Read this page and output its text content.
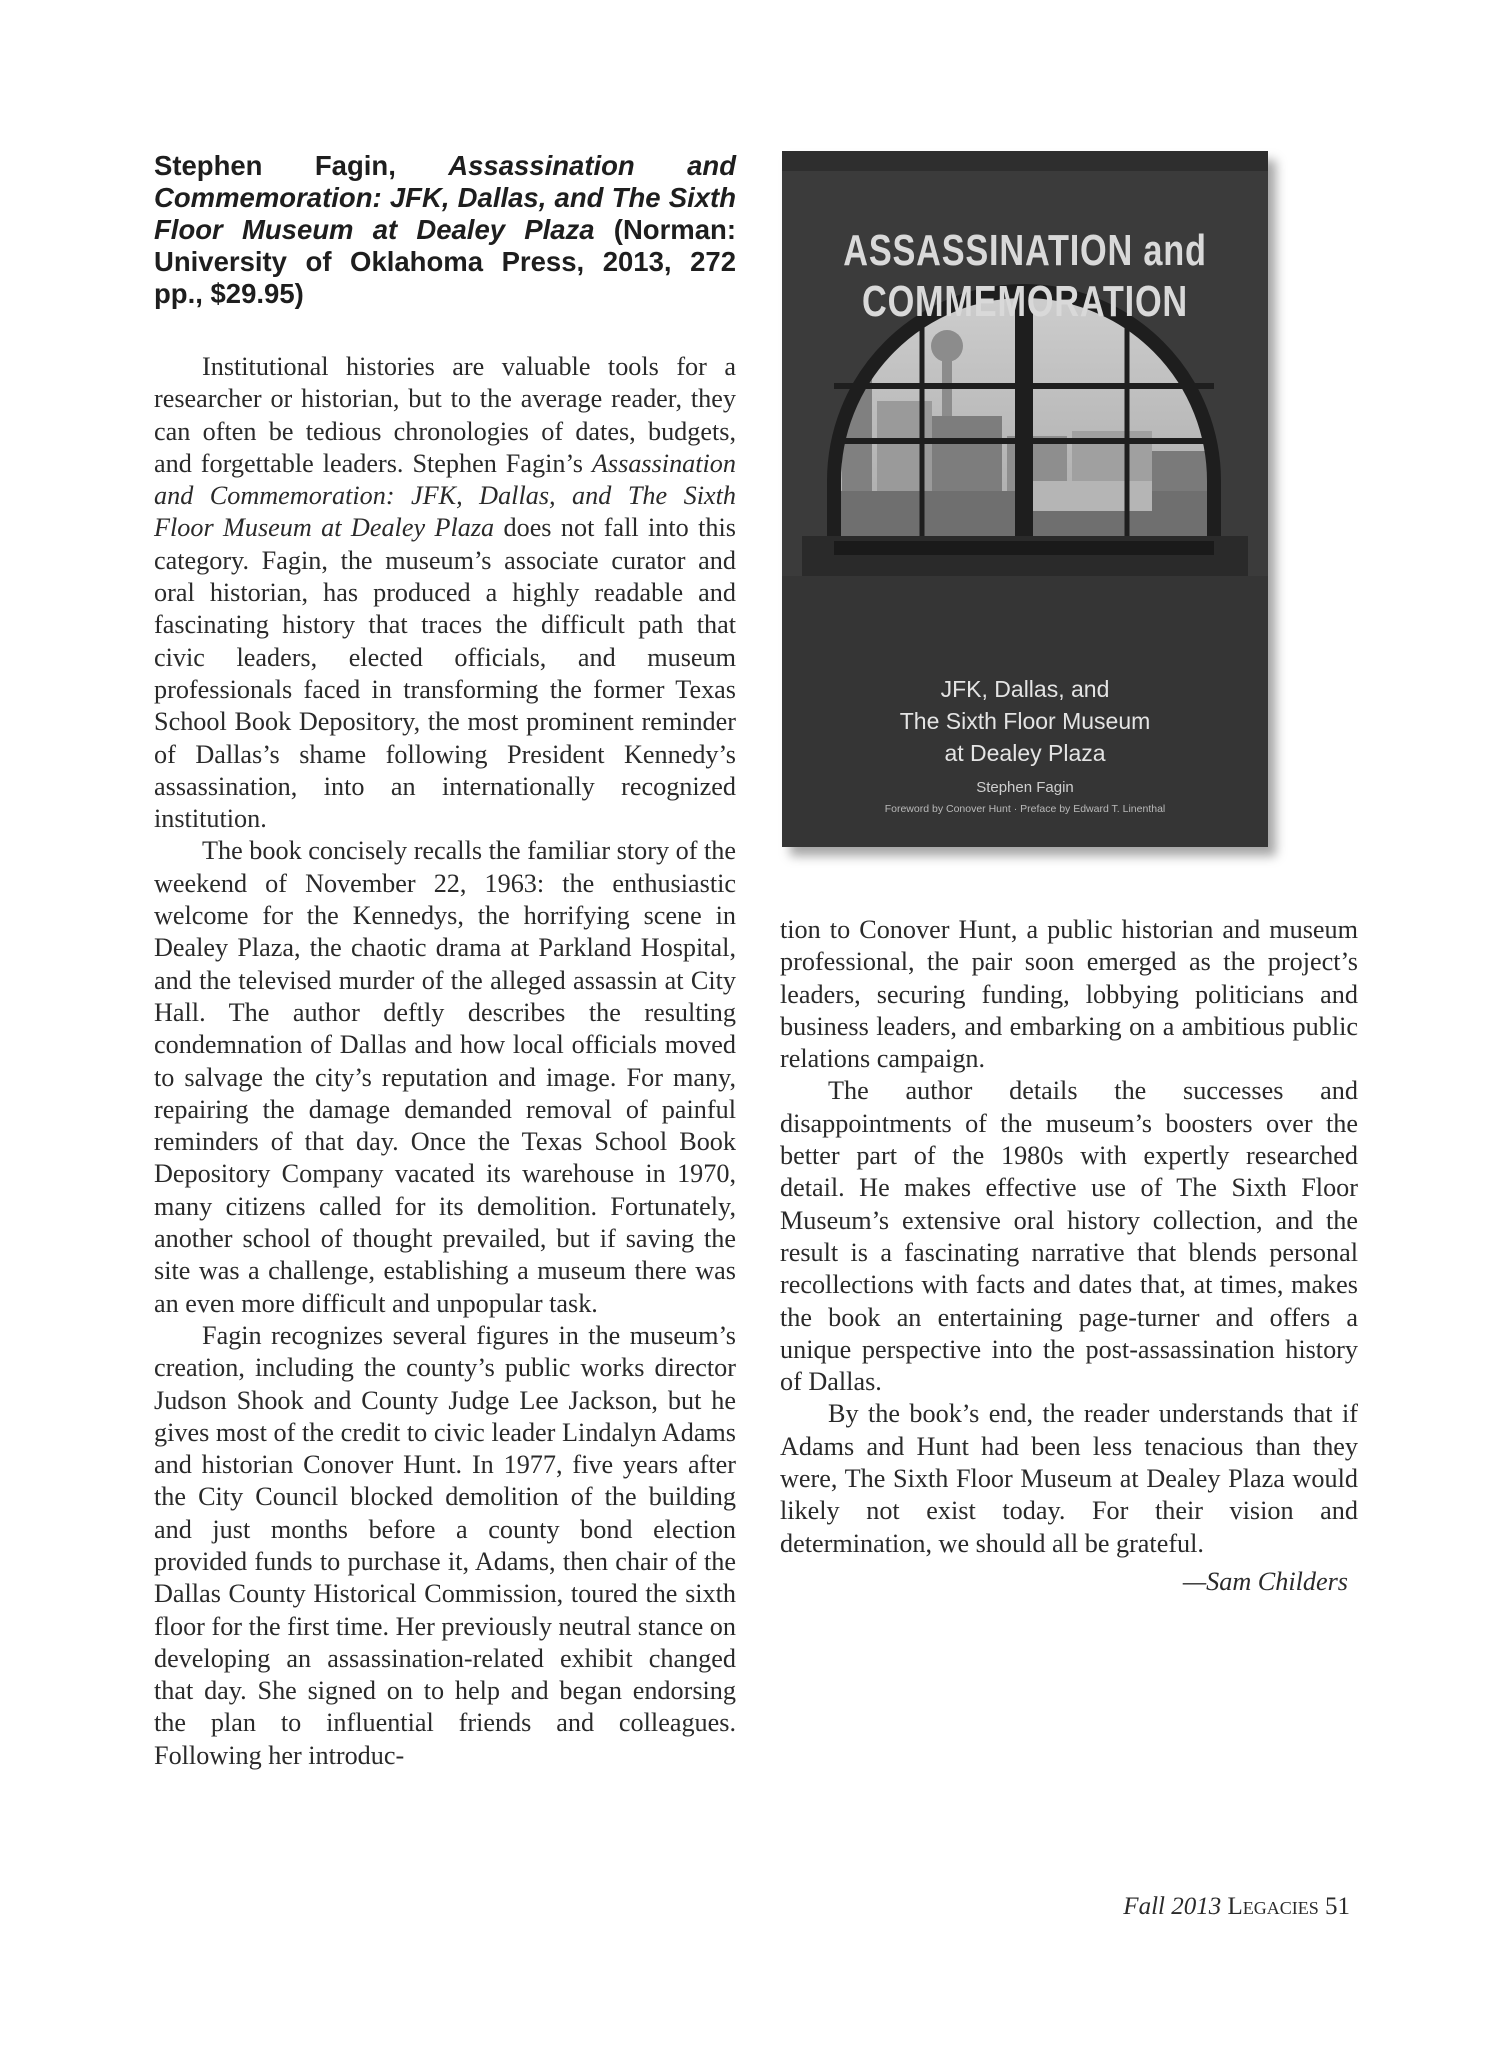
Stephen Fagin, Assassination and Commemoration: JFK, Dallas, and The Sixth Floor Museum at Dealey Plaza (Norman: University of Oklahoma Press, 2013, 272 pp., $29.95)

Institutional histories are valuable tools for a researcher or historian, but to the average reader, they can often be tedious chronologies of dates, budgets, and forgettable leaders. Stephen Fagin’s Assassination and Commemoration: JFK, Dallas, and The Sixth Floor Museum at Dealey Plaza does not fall into this category. Fagin, the museum’s associate curator and oral historian, has produced a highly readable and fascinating history that traces the difficult path that civic leaders, elected officials, and museum professionals faced in transforming the former Texas School Book Depository, the most prominent reminder of Dallas’s shame following President Kennedy’s assassination, into an internationally recognized institution.

The book concisely recalls the familiar story of the weekend of November 22, 1963: the enthusiastic welcome for the Kennedys, the horrifying scene in Dealey Plaza, the chaotic drama at Parkland Hospital, and the televised murder of the alleged assassin at City Hall. The author deftly describes the resulting condemnation of Dallas and how local officials moved to salvage the city’s reputation and image. For many, repairing the damage demanded removal of painful reminders of that day. Once the Texas School Book Depository Company vacated its warehouse in 1970, many citizens called for its demolition. Fortunately, another school of thought prevailed, but if saving the site was a challenge, establishing a museum there was an even more difficult and unpopular task.

Fagin recognizes several figures in the museum’s creation, including the county’s public works director Judson Shook and County Judge Lee Jackson, but he gives most of the credit to civic leader Lindalyn Adams and historian Conover Hunt. In 1977, five years after the City Council blocked demolition of the building and just months before a county bond election provided funds to purchase it, Adams, then chair of the Dallas County Historical Commission, toured the sixth floor for the first time. Her previously neutral stance on developing an assassination-related exhibit changed that day. She signed on to help and began endorsing the plan to influential friends and colleagues. Following her introduc-

ASSASSINATION and
COMMEMORATION
JFK, Dallas, and
The Sixth Floor Museum
at Dealey Plaza
Stephen Fagin
Foreword by Conover Hunt · Preface by Edward T. Linenthal

tion to Conover Hunt, a public historian and museum professional, the pair soon emerged as the project’s leaders, securing funding, lobbying politicians and business leaders, and embarking on a ambitious public relations campaign.

The author details the successes and disappointments of the museum’s boosters over the better part of the 1980s with expertly researched detail. He makes effective use of The Sixth Floor Museum’s extensive oral history collection, and the result is a fascinating narrative that blends personal recollections with facts and dates that, at times, makes the book an entertaining page-turner and offers a unique perspective into the post-assassination history of Dallas.

By the book’s end, the reader understands that if Adams and Hunt had been less tenacious than they were, The Sixth Floor Museum at Dealey Plaza would likely not exist today. For their vision and determination, we should all be grateful.

—Sam Childers
Fall 2013 Legacies 51
